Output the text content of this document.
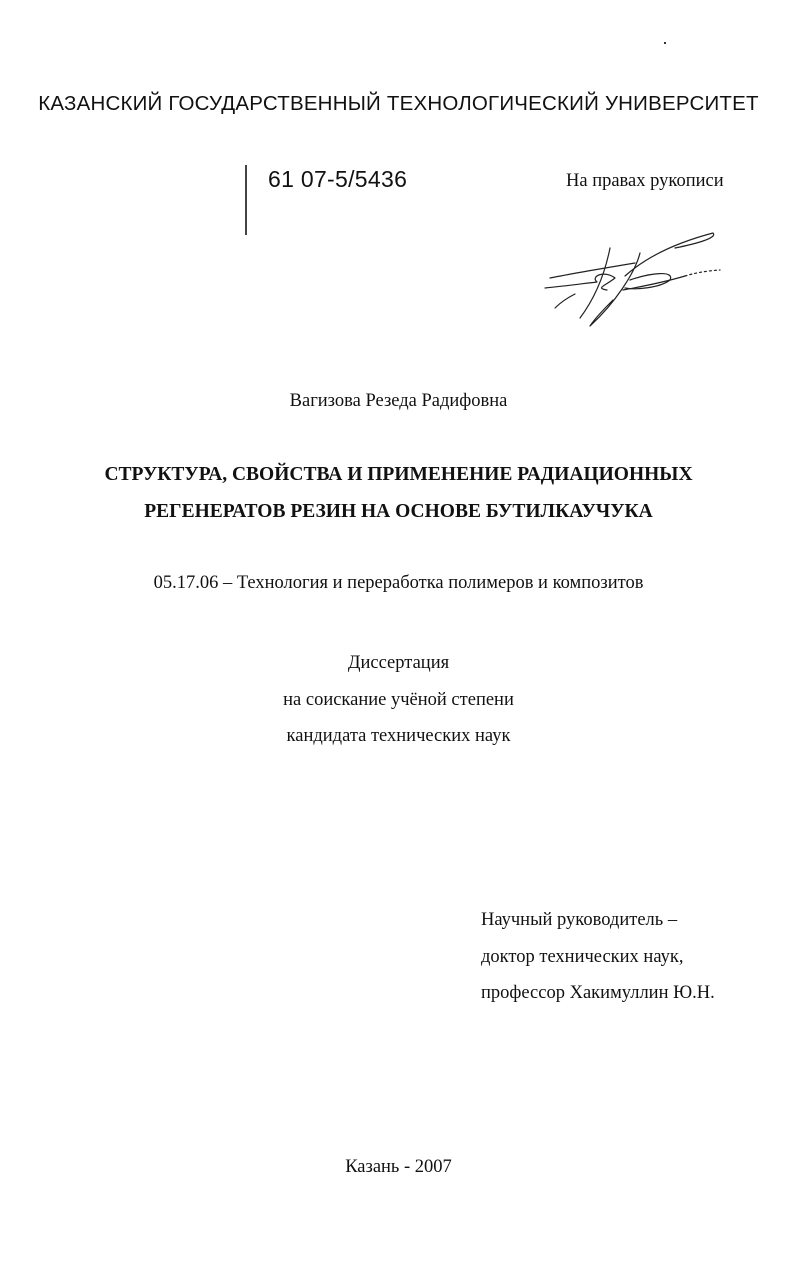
КАЗАНСКИЙ ГОСУДАРСТВЕННЫЙ ТЕХНОЛОГИЧЕСКИЙ УНИВЕРСИТЕТ
61 07-5/5436	На правах рукописи
Вагизова Резеда Радифовна
СТРУКТУРА, СВОЙСТВА И ПРИМЕНЕНИЕ РАДИАЦИОННЫХ
РЕГЕНЕРАТОВ РЕЗИН НА ОСНОВЕ БУТИЛКАУЧУКА
05.17.06 – Технология и переработка полимеров и композитов
Диссертация
на соискание учёной степени
кандидата технических наук
Научный руководитель –
доктор технических наук,
профессор Хакимуллин Ю.Н.
Казань - 2007
